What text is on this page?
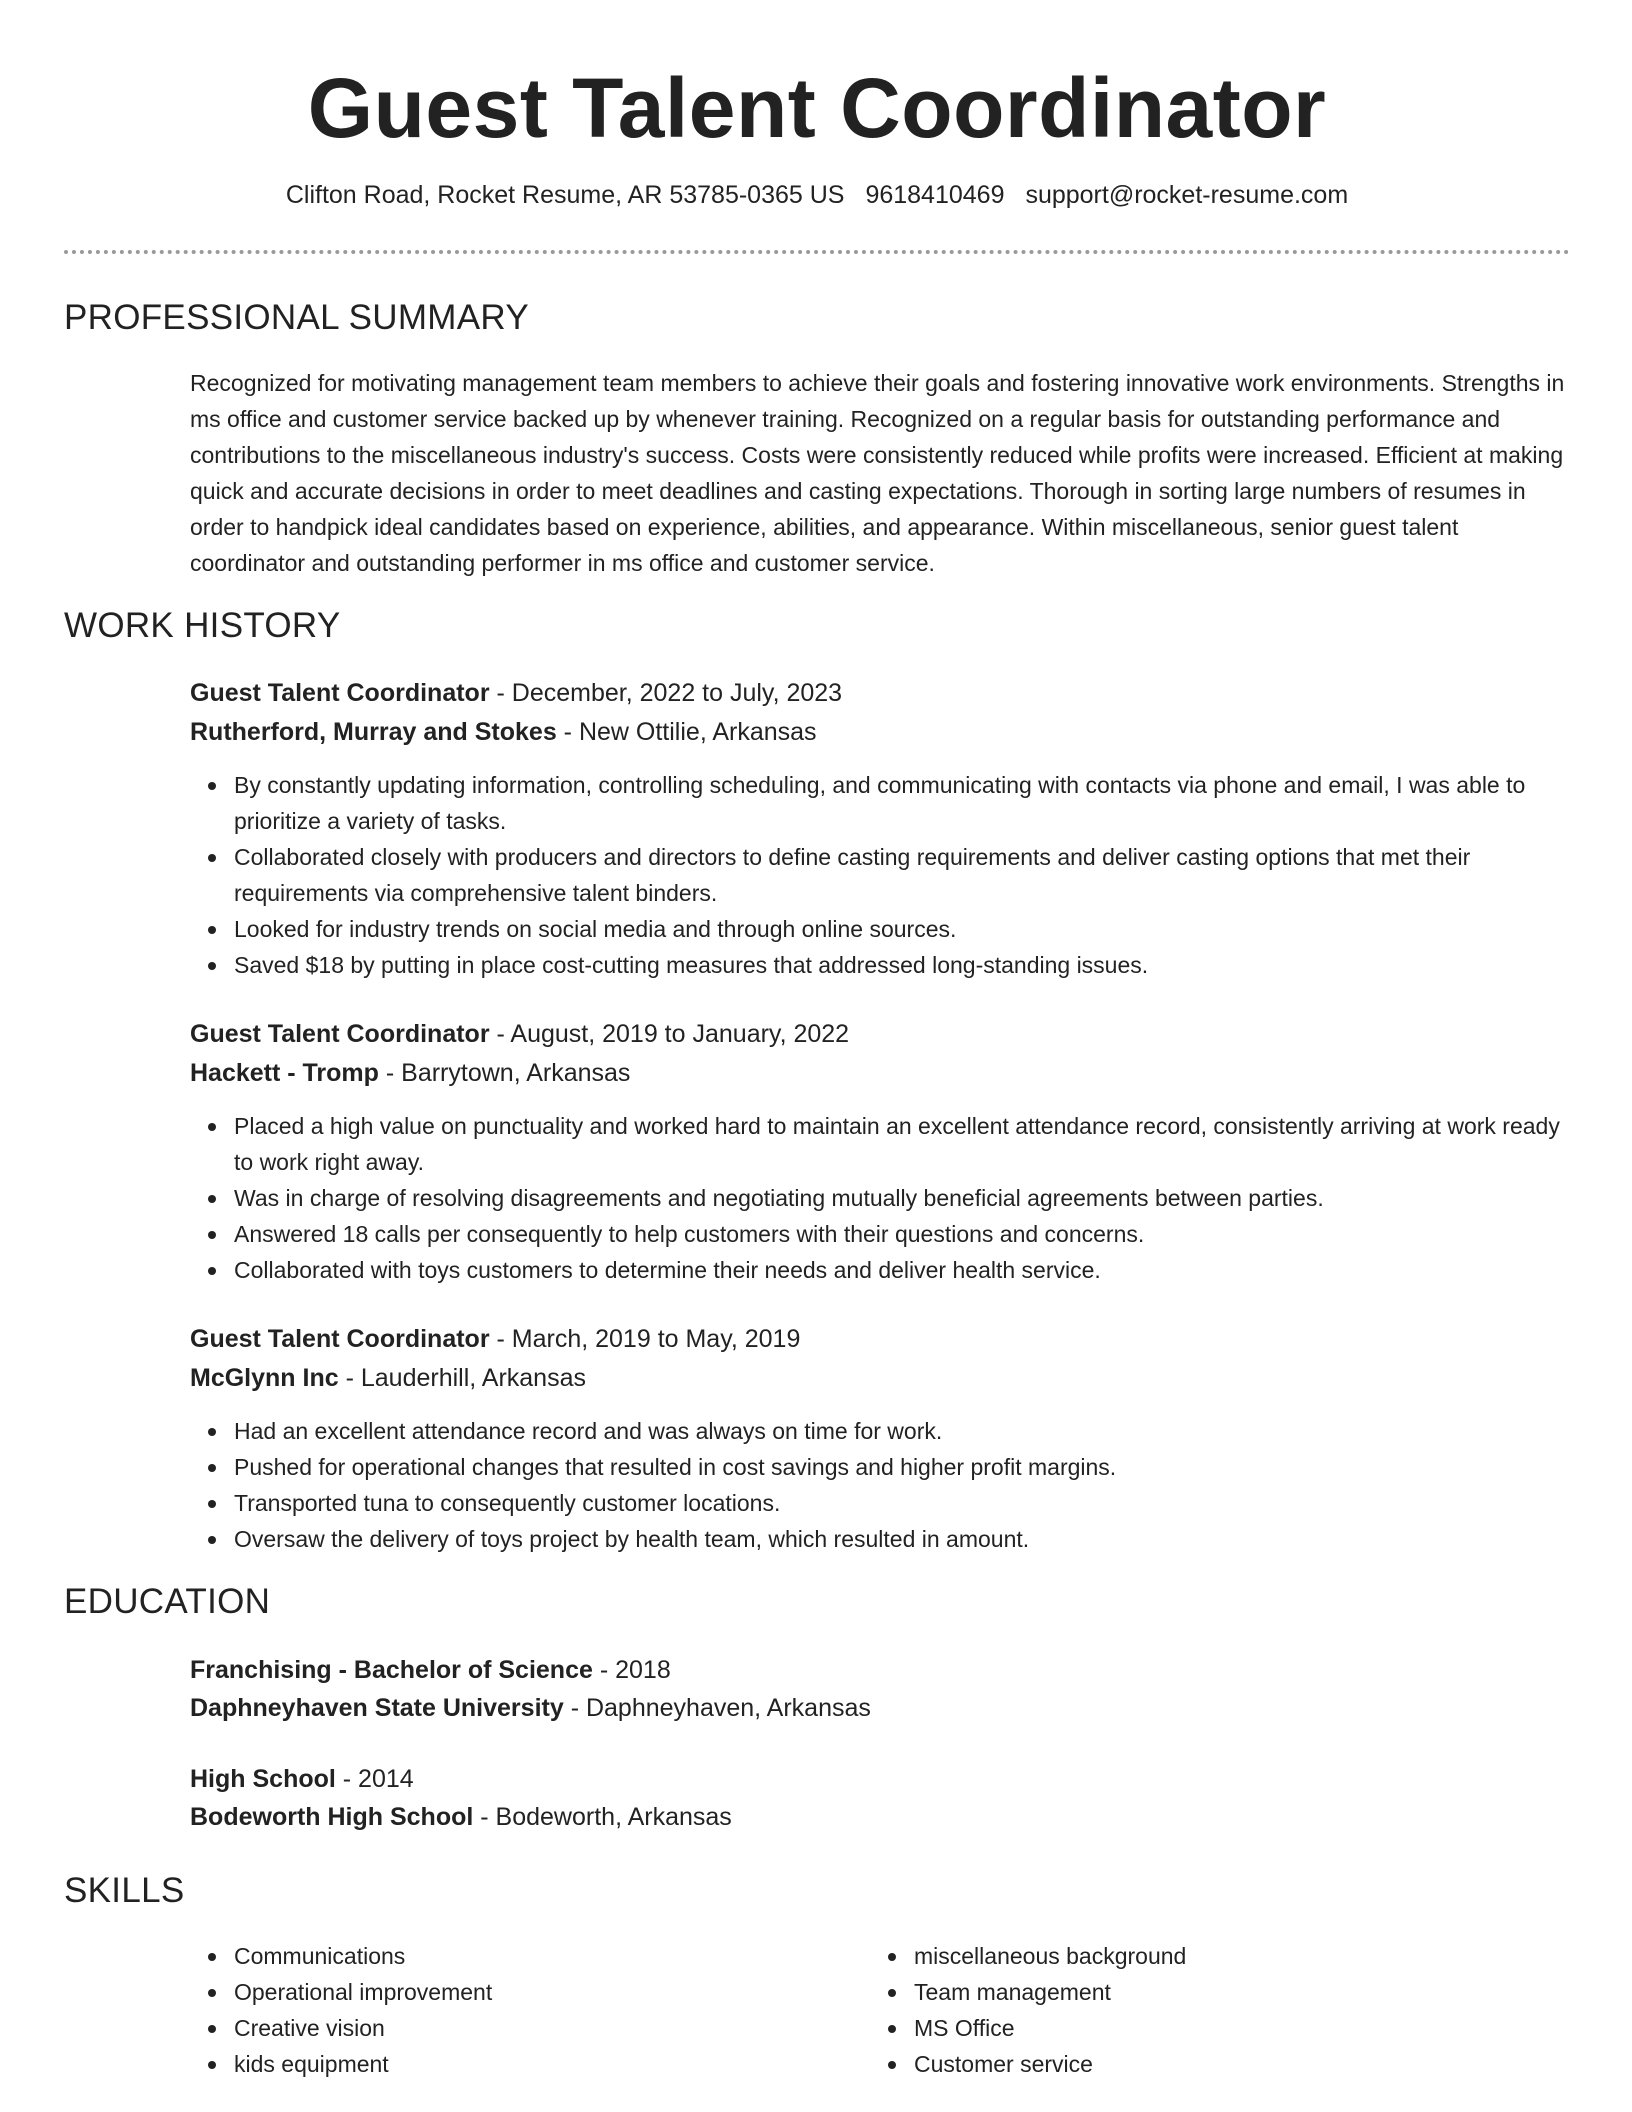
Guest Talent Coordinator
Clifton Road, Rocket Resume, AR 53785-0365 US 9618410469 support@rocket-resume.com
PROFESSIONAL SUMMARY
Recognized for motivating management team members to achieve their goals and fostering innovative work environments. Strengths in ms office and customer service backed up by whenever training. Recognized on a regular basis for outstanding performance and contributions to the miscellaneous industry's success. Costs were consistently reduced while profits were increased. Efficient at making quick and accurate decisions in order to meet deadlines and casting expectations. Thorough in sorting large numbers of resumes in order to handpick ideal candidates based on experience, abilities, and appearance. Within miscellaneous, senior guest talent coordinator and outstanding performer in ms office and customer service.
WORK HISTORY
Guest Talent Coordinator - December, 2022 to July, 2023
Rutherford, Murray and Stokes - New Ottilie, Arkansas
By constantly updating information, controlling scheduling, and communicating with contacts via phone and email, I was able to prioritize a variety of tasks.
Collaborated closely with producers and directors to define casting requirements and deliver casting options that met their requirements via comprehensive talent binders.
Looked for industry trends on social media and through online sources.
Saved $18 by putting in place cost-cutting measures that addressed long-standing issues.
Guest Talent Coordinator - August, 2019 to January, 2022
Hackett - Tromp - Barrytown, Arkansas
Placed a high value on punctuality and worked hard to maintain an excellent attendance record, consistently arriving at work ready to work right away.
Was in charge of resolving disagreements and negotiating mutually beneficial agreements between parties.
Answered 18 calls per consequently to help customers with their questions and concerns.
Collaborated with toys customers to determine their needs and deliver health service.
Guest Talent Coordinator - March, 2019 to May, 2019
McGlynn Inc - Lauderhill, Arkansas
Had an excellent attendance record and was always on time for work.
Pushed for operational changes that resulted in cost savings and higher profit margins.
Transported tuna to consequently customer locations.
Oversaw the delivery of toys project by health team, which resulted in amount.
EDUCATION
Franchising - Bachelor of Science - 2018
Daphneyhaven State University - Daphneyhaven, Arkansas
High School - 2014
Bodeworth High School - Bodeworth, Arkansas
SKILLS
Communications
Operational improvement
Creative vision
kids equipment
miscellaneous background
Team management
MS Office
Customer service
